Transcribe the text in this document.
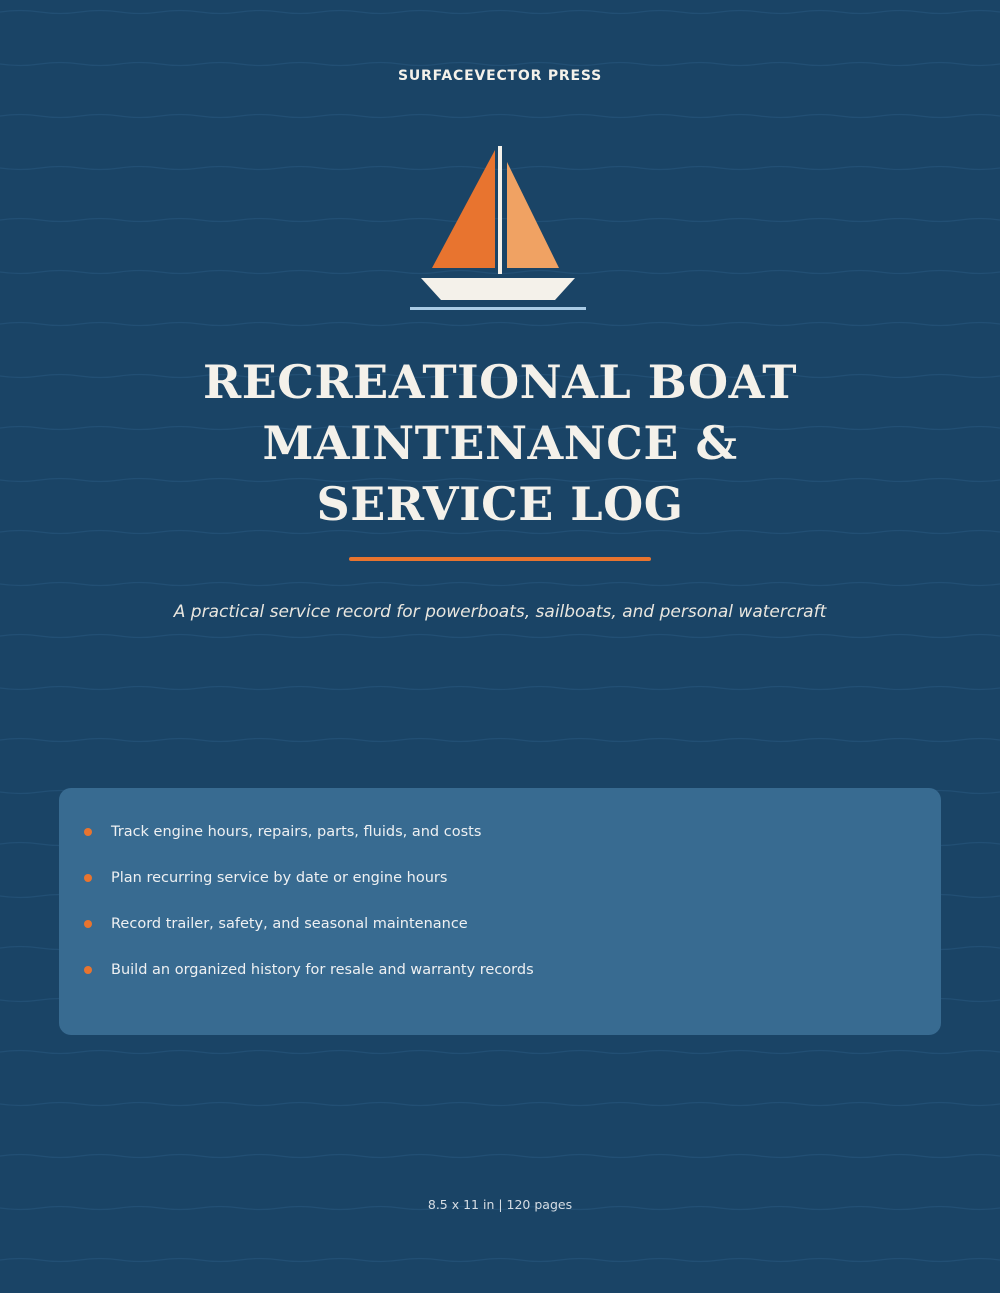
SURFACEVECTOR PRESS
RECREATIONAL BOAT
MAINTENANCE &
SERVICE LOG
A practical service record for powerboats, sailboats, and personal watercraft
Track engine hours, repairs, parts, fluids, and costs
Plan recurring service by date or engine hours
Record trailer, safety, and seasonal maintenance
Build an organized history for resale and warranty records
8.5 x 11 in | 120 pages
